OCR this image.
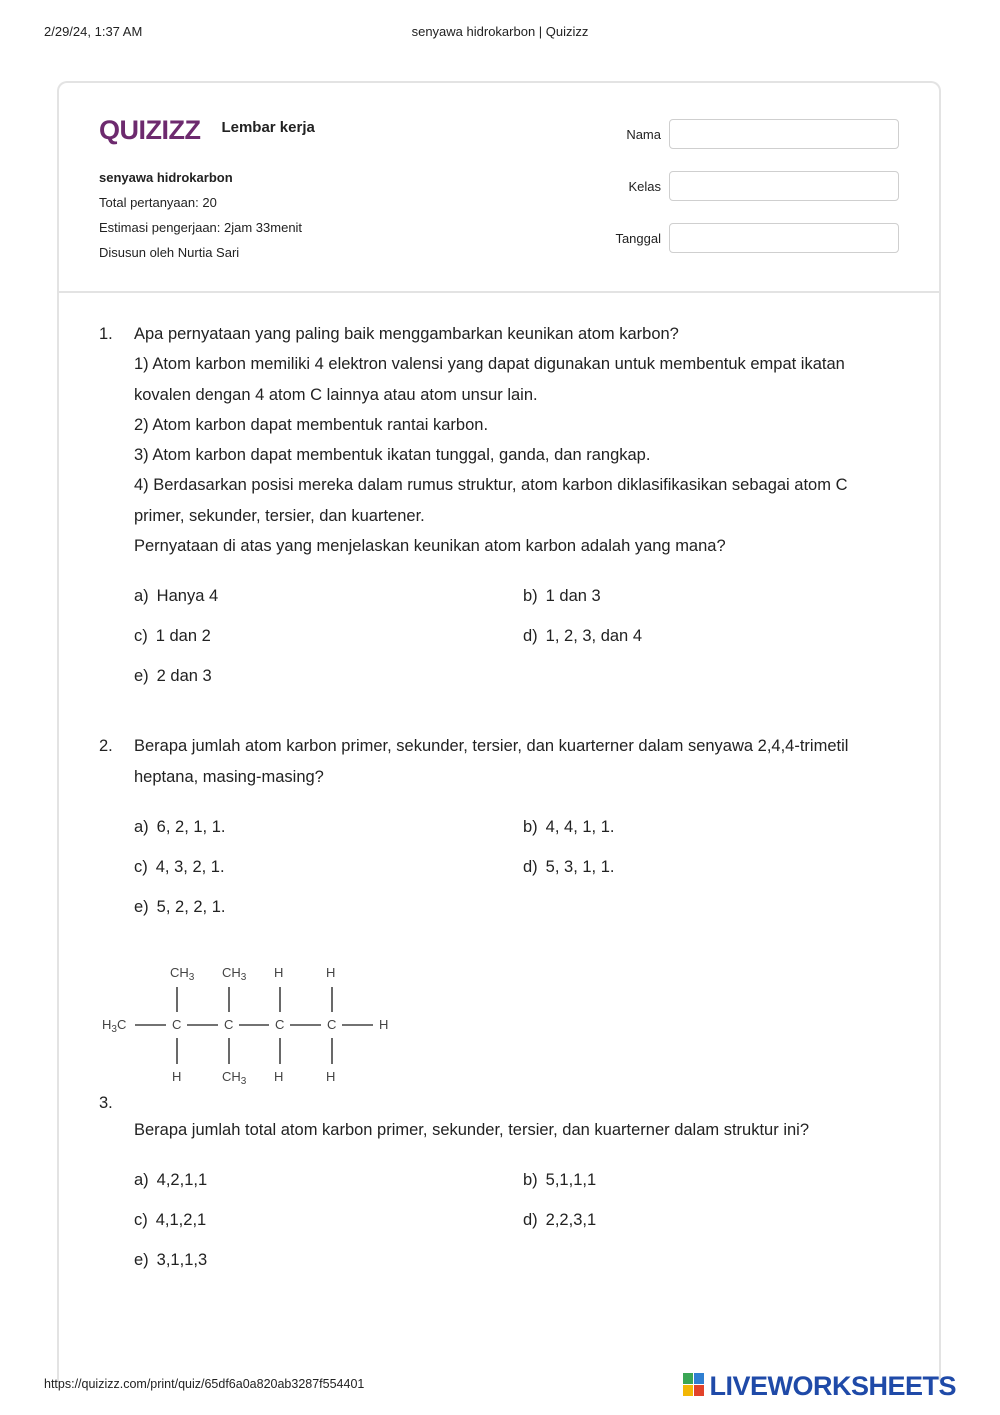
2/29/24, 1:37 AM	senyawa hidrokarbon | Quizizz
QUIZIZZ Lembar kerja
senyawa hidrokarbon
Total pertanyaan: 20
Estimasi pengerjaan: 2jam 33menit
Disusun oleh Nurtia Sari
Nama
Kelas
Tanggal
1. Apa pernyataan yang paling baik menggambarkan keunikan atom karbon?
1) Atom karbon memiliki 4 elektron valensi yang dapat digunakan untuk membentuk empat ikatan kovalen dengan 4 atom C lainnya atau atom unsur lain.
2) Atom karbon dapat membentuk rantai karbon.
3) Atom karbon dapat membentuk ikatan tunggal, ganda, dan rangkap.
4) Berdasarkan posisi mereka dalam rumus struktur, atom karbon diklasifikasikan sebagai atom C primer, sekunder, tersier, dan kuartener.
Pernyataan di atas yang menjelaskan keunikan atom karbon adalah yang mana?

a) Hanya 4	b) 1 dan 3
c) 1 dan 2	d) 1, 2, 3, dan 4
e) 2 dan 3
2. Berapa jumlah atom karbon primer, sekunder, tersier, dan kuarterner dalam senyawa 2,4,4-trimetil heptana, masing-masing?

a) 6, 2, 1, 1.	b) 4, 4, 1, 1.
c) 4, 3, 2, 1.	d) 5, 3, 1, 1.
e) 5, 2, 2, 1.
$CH_3$ $CH_3$ H	H
$H_3C$	C	C	C	C	H
H	$CH_3$ H	H
3.

Berapa jumlah total atom karbon primer, sekunder, tersier, dan kuarterner dalam struktur ini?

a) 4,2,1,1	b) 5,1,1,1
c) 4,1,2,1	d) 2,2,3,1
e) 3,1,1,3
https://quizizz.com/print/quiz/65df6a0a820ab3287f554401	LIVEWORKSHEETS
